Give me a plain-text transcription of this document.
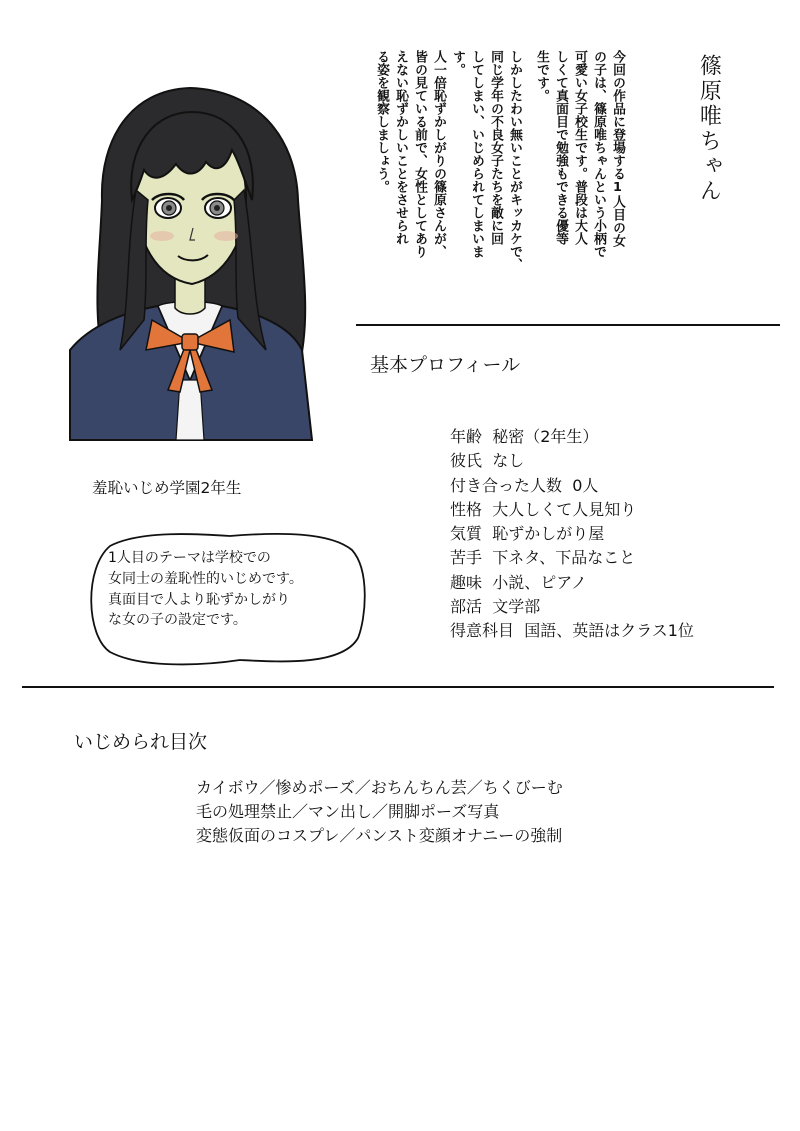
篠原唯ちゃん
今回の作品に登場する1人目の女
の子は、篠原唯ちゃんという小柄で
可愛い女子校生です。普段は大人
しくて真面目で勉強もできる優等
生です。
しかしたわい無いことがキッカケで、
同じ学年の不良女子たちを敵に回
してしまい、いじめられてしまいま
す。
人一倍恥ずかしがりの篠原さんが、
皆の見ている前で、女性としてあり
えない恥ずかしいことをさせられ
る姿を観察しましょう。
基本プロフィール
年齢 秘密（2年生）
彼氏 なし
付き合った人数 0人
性格 大人しくて人見知り
気質 恥ずかしがり屋
苦手 下ネタ、下品なこと
趣味 小説、ピアノ
部活 文学部
得意科目 国語、英語はクラス1位
羞恥いじめ学園2年生
1人目のテーマは学校での
女同士の羞恥性的いじめです。
真面目で人より恥ずかしがり
な女の子の設定です。
いじめられ目次
カイボウ／惨めポーズ／おちんちん芸／ちくびーむ
毛の処理禁止／マン出し／開脚ポーズ写真
変態仮面のコスプレ／パンスト変顔オナニーの強制
